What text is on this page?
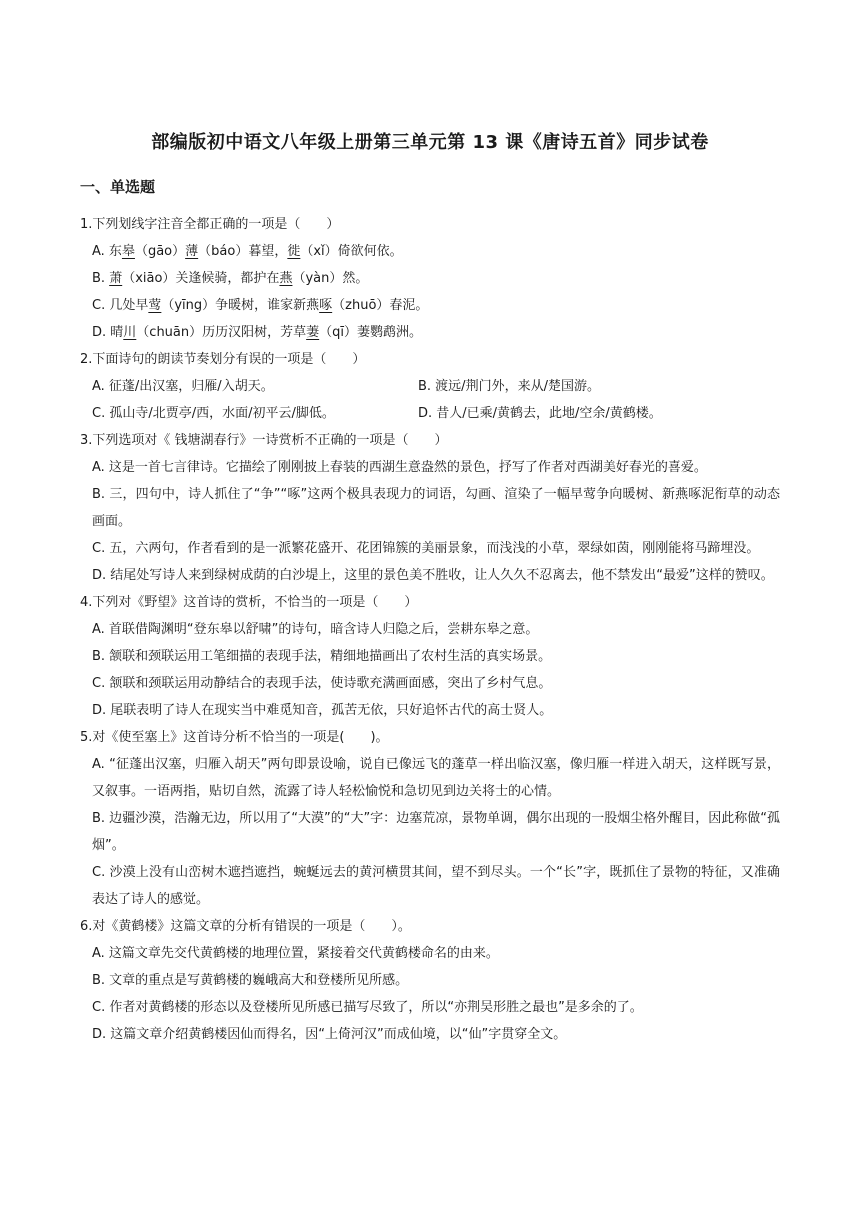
部编版初中语文八年级上册第三单元第 13 课《唐诗五首》同步试卷
一、单选题
1.下列划线字注音全都正确的一项是（　　）
A. 东皋（gāo）薄（báo）暮望，徙（xǐ）倚欲何依。
B. 萧（xiāo）关逢候骑，都护在燕（yàn）然。
C. 几处早莺（yīng）争暖树，谁家新燕啄（zhuō）春泥。
D. 晴川（chuān）历历汉阳树，芳草萋（qī）萋鹦鹉洲。
2.下面诗句的朗读节奏划分有误的一项是（　　）
A. 征蓬/出汉塞，归雁/入胡天。	B. 渡远/荆门外，来从/楚国游。
C. 孤山寺/北贾亭/西，水面/初平云/脚低。	D. 昔人/已乘/黄鹤去，此地/空余/黄鹤楼。
3.下列选项对《 钱塘湖春行》一诗赏析不正确的一项是（　　）
A. 这是一首七言律诗。它描绘了刚刚披上春装的西湖生意盎然的景色，抒写了作者对西湖美好春光的喜爱。
B. 三，四句中，诗人抓住了“争”“啄”这两个极具表现力的词语，勾画、渲染了一幅早莺争向暖树、新燕啄泥衔草的动态画面。
C. 五，六两句，作者看到的是一派繁花盛开、花团锦簇的美丽景象，而浅浅的小草，翠绿如茵，刚刚能将马蹄埋没。
D. 结尾处写诗人来到绿树成荫的白沙堤上，这里的景色美不胜收，让人久久不忍离去，他不禁发出“最爱”这样的赞叹。
4.下列对《野望》这首诗的赏析，不恰当的一项是（　　）
A. 首联借陶渊明“登东皋以舒啸”的诗句，暗含诗人归隐之后，尝耕东皋之意。
B. 颔联和颈联运用工笔细描的表现手法，精细地描画出了农村生活的真实场景。
C. 颔联和颈联运用动静结合的表现手法，使诗歌充满画面感，突出了乡村气息。
D. 尾联表明了诗人在现实当中难觅知音，孤苦无依，只好追怀古代的高士贤人。
5.对《使至塞上》这首诗分析不恰当的一项是(　　)。
A. “征蓬出汉塞，归雁入胡天”两句即景设喻，说自已像远飞的蓬草一样出临汉塞，像归雁一样进入胡天，这样既写景，又叙事。一语两指，贴切自然，流露了诗人轻松愉悦和急切见到边关将士的心情。
B. 边疆沙漠，浩瀚无边，所以用了“大漠”的“大”字：边塞荒凉，景物单调，偶尔出现的一股烟尘格外醒目，因此称做“孤烟”。
C. 沙漠上没有山峦树木遮挡遮挡，蜿蜒远去的黄河横贯其间，望不到尽头。一个“长”字，既抓住了景物的特征，又准确表达了诗人的感觉。
6.对《黄鹤楼》这篇文章的分析有错误的一项是（　　）。
A. 这篇文章先交代黄鹤楼的地理位置，紧接着交代黄鹤楼命名的由来。
B. 文章的重点是写黄鹤楼的巍峨高大和登楼所见所感。
C. 作者对黄鹤楼的形态以及登楼所见所感已描写尽致了，所以“亦荆吴形胜之最也”是多余的了。
D. 这篇文章介绍黄鹤楼因仙而得名，因“上倚河汉”而成仙境，以“仙”字贯穿全文。
